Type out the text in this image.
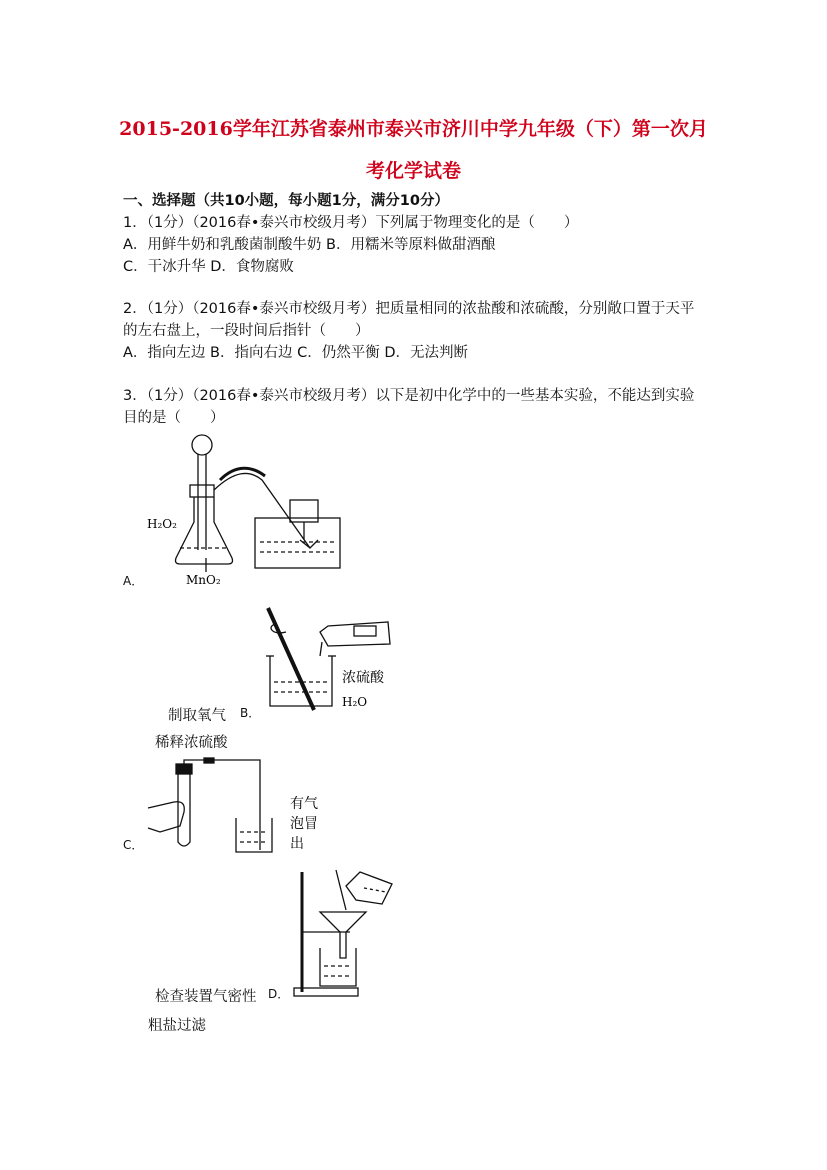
2015-2016学年江苏省泰州市泰兴市济川中学九年级（下）第一次月
考化学试卷
一、选择题（共10小题，每小题1分，满分10分）
1．（1分）（2016春•泰兴市校级月考）下列属于物理变化的是（　　）
A．用鲜牛奶和乳酸菌制酸牛奶 B．用糯米等原料做甜酒酿
C．干冰升华 D．食物腐败
2．（1分）（2016春•泰兴市校级月考）把质量相同的浓盐酸和浓硫酸，分别敞口置于天平
的左右盘上，一段时间后指针（　　）
A．指向左边 B．指向右边 C．仍然平衡 D．无法判断
3．（1分）（2016春•泰兴市校级月考）以下是初中化学中的一些基本实验，不能达到实验
目的是（　　）
H₂O₂
MnO₂
A．
浓硫酸
H₂O
制取氧气 B．
稀释浓硫酸
有气
泡冒
出
C．
检查装置气密性 D．
粗盐过滤
